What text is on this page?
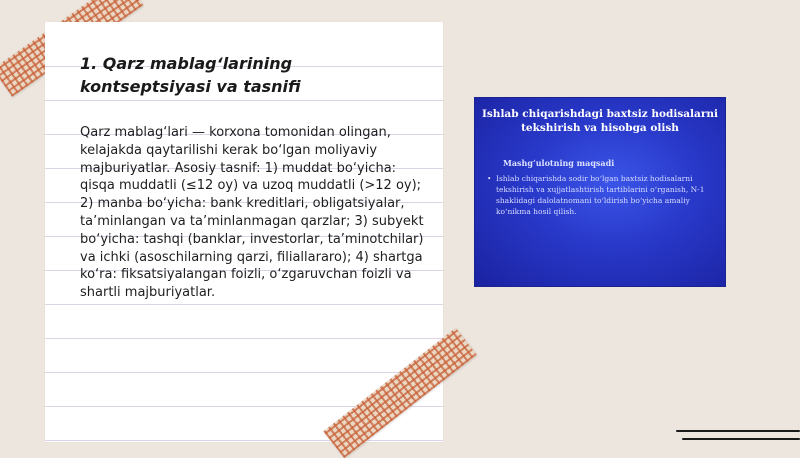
1. Qarz mablag‘larining kontseptsiyasi va tasnifi
Qarz mablag‘lari — korxona tomonidan olingan, kelajakda qaytarilishi kerak bo‘lgan moliyaviy majburiyatlar. Asosiy tasnif: 1) muddat bo‘yicha: qisqa muddatli (≤12 oy) va uzoq muddatli (>12 oy); 2) manba bo‘yicha: bank kreditlari, obligatsiyalar, ta’minlangan va ta’minlanmagan qarzlar; 3) subyekt bo‘yicha: tashqi (banklar, investorlar, ta’minotchilar) va ichki (asoschilarning qarzi, filiallararo); 4) shartga ko‘ra: fiksatsiyalangan foizli, o‘zgaruvchan foizli va shartli majburiyatlar.
Ishlab chiqarishdagi baxtsiz hodisalarni tekshirish va hisobga olish
Mashg‘ulotning maqsadi
• Ishlab chiqarishda sodir bo‘lgan baxtsiz hodisalarni tekshirish va xujjatlashtirish tartiblarini o‘rganish, N-1 shaklidagi dalolatnomani to‘ldirish bo‘yicha amaliy ko‘nikma hosil qilish.
